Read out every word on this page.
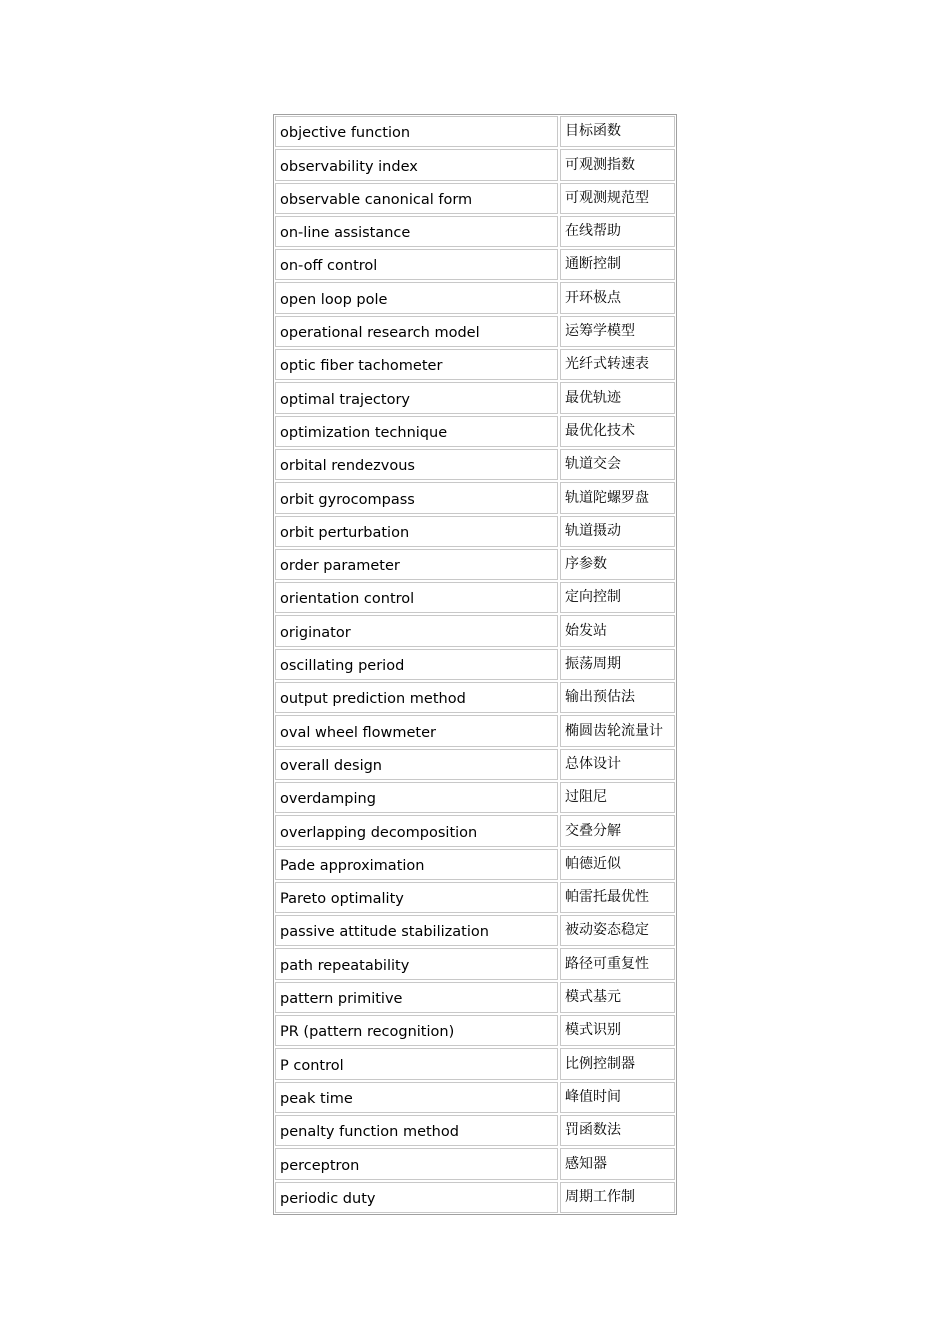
objective function	目标函数
observability index	可观测指数
observable canonical form	可观测规范型
on-line assistance	在线帮助
on-off control	通断控制
open loop pole	开环极点
operational research model	运筹学模型
optic fiber tachometer	光纤式转速表
optimal trajectory	最优轨迹
optimization technique	最优化技术
orbital rendezvous	轨道交会
orbit gyrocompass	轨道陀螺罗盘
orbit perturbation	轨道摄动
order parameter	序参数
orientation control	定向控制
originator	始发站
oscillating period	振荡周期
output prediction method	输出预估法
oval wheel flowmeter	椭圆齿轮流量计
overall design	总体设计
overdamping	过阻尼
overlapping decomposition	交叠分解
Pade approximation	帕德近似
Pareto optimality	帕雷托最优性
passive attitude stabilization	被动姿态稳定
path repeatability	路径可重复性
pattern primitive	模式基元
PR (pattern recognition)	模式识别
P control	比例控制器
peak time	峰值时间
penalty function method	罚函数法
perceptron	感知器
periodic duty	周期工作制
